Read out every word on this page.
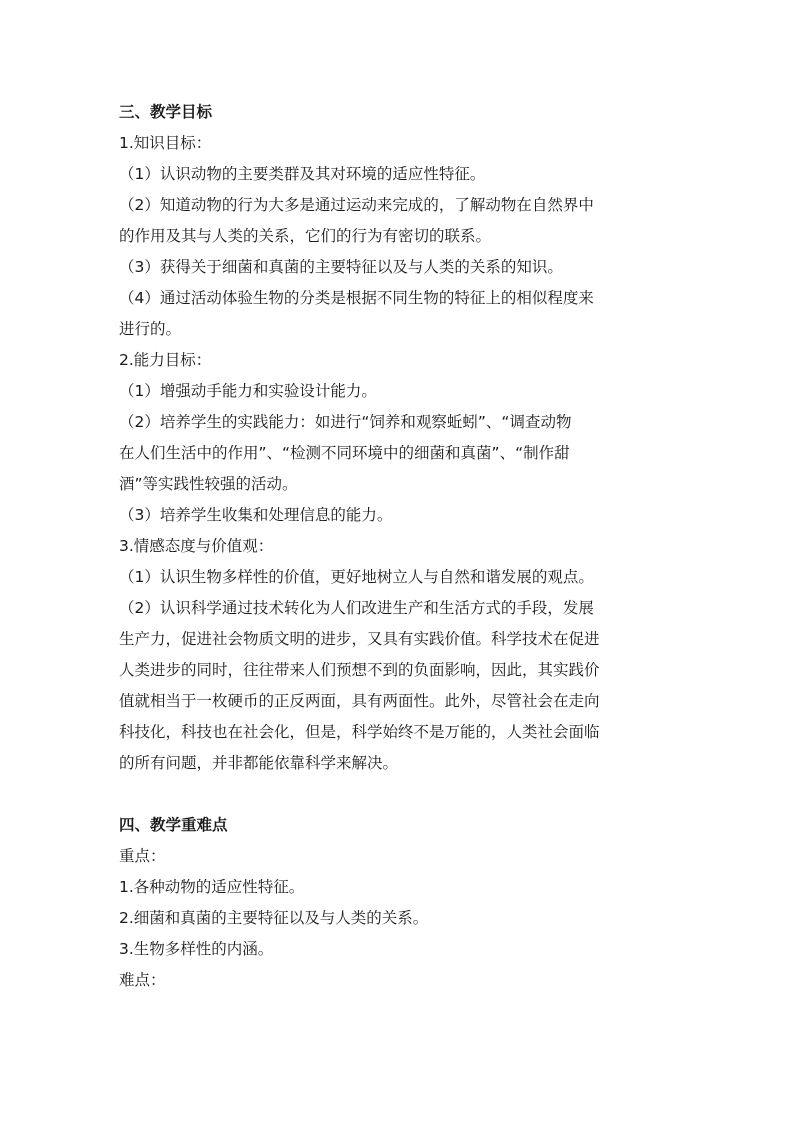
三、教学目标

1.知识目标：

（1）认识动物的主要类群及其对环境的适应性特征。

（2）知道动物的行为大多是通过运动来完成的，了解动物在自然界中

的作用及其与人类的关系，它们的行为有密切的联系。

（3）获得关于细菌和真菌的主要特征以及与人类的关系的知识。

（4）通过活动体验生物的分类是根据不同生物的特征上的相似程度来

进行的。

2.能力目标：

（1）增强动手能力和实验设计能力。

（2）培养学生的实践能力：如进行“饲养和观察蚯蚓”、“调查动物

在人们生活中的作用”、“检测不同环境中的细菌和真菌”、“制作甜

酒”等实践性较强的活动。

（3）培养学生收集和处理信息的能力。

3.情感态度与价值观：

（1）认识生物多样性的价值，更好地树立人与自然和谐发展的观点。

（2）认识科学通过技术转化为人们改进生产和生活方式的手段，发展

生产力，促进社会物质文明的进步，又具有实践价值。科学技术在促进

人类进步的同时，往往带来人们预想不到的负面影响，因此，其实践价

值就相当于一枚硬币的正反两面，具有两面性。此外，尽管社会在走向

科技化，科技也在社会化，但是，科学始终不是万能的，人类社会面临

的所有问题，并非都能依靠科学来解决。

四、教学重难点

重点：

1.各种动物的适应性特征。

2.细菌和真菌的主要特征以及与人类的关系。

3.生物多样性的内涵。

难点：
